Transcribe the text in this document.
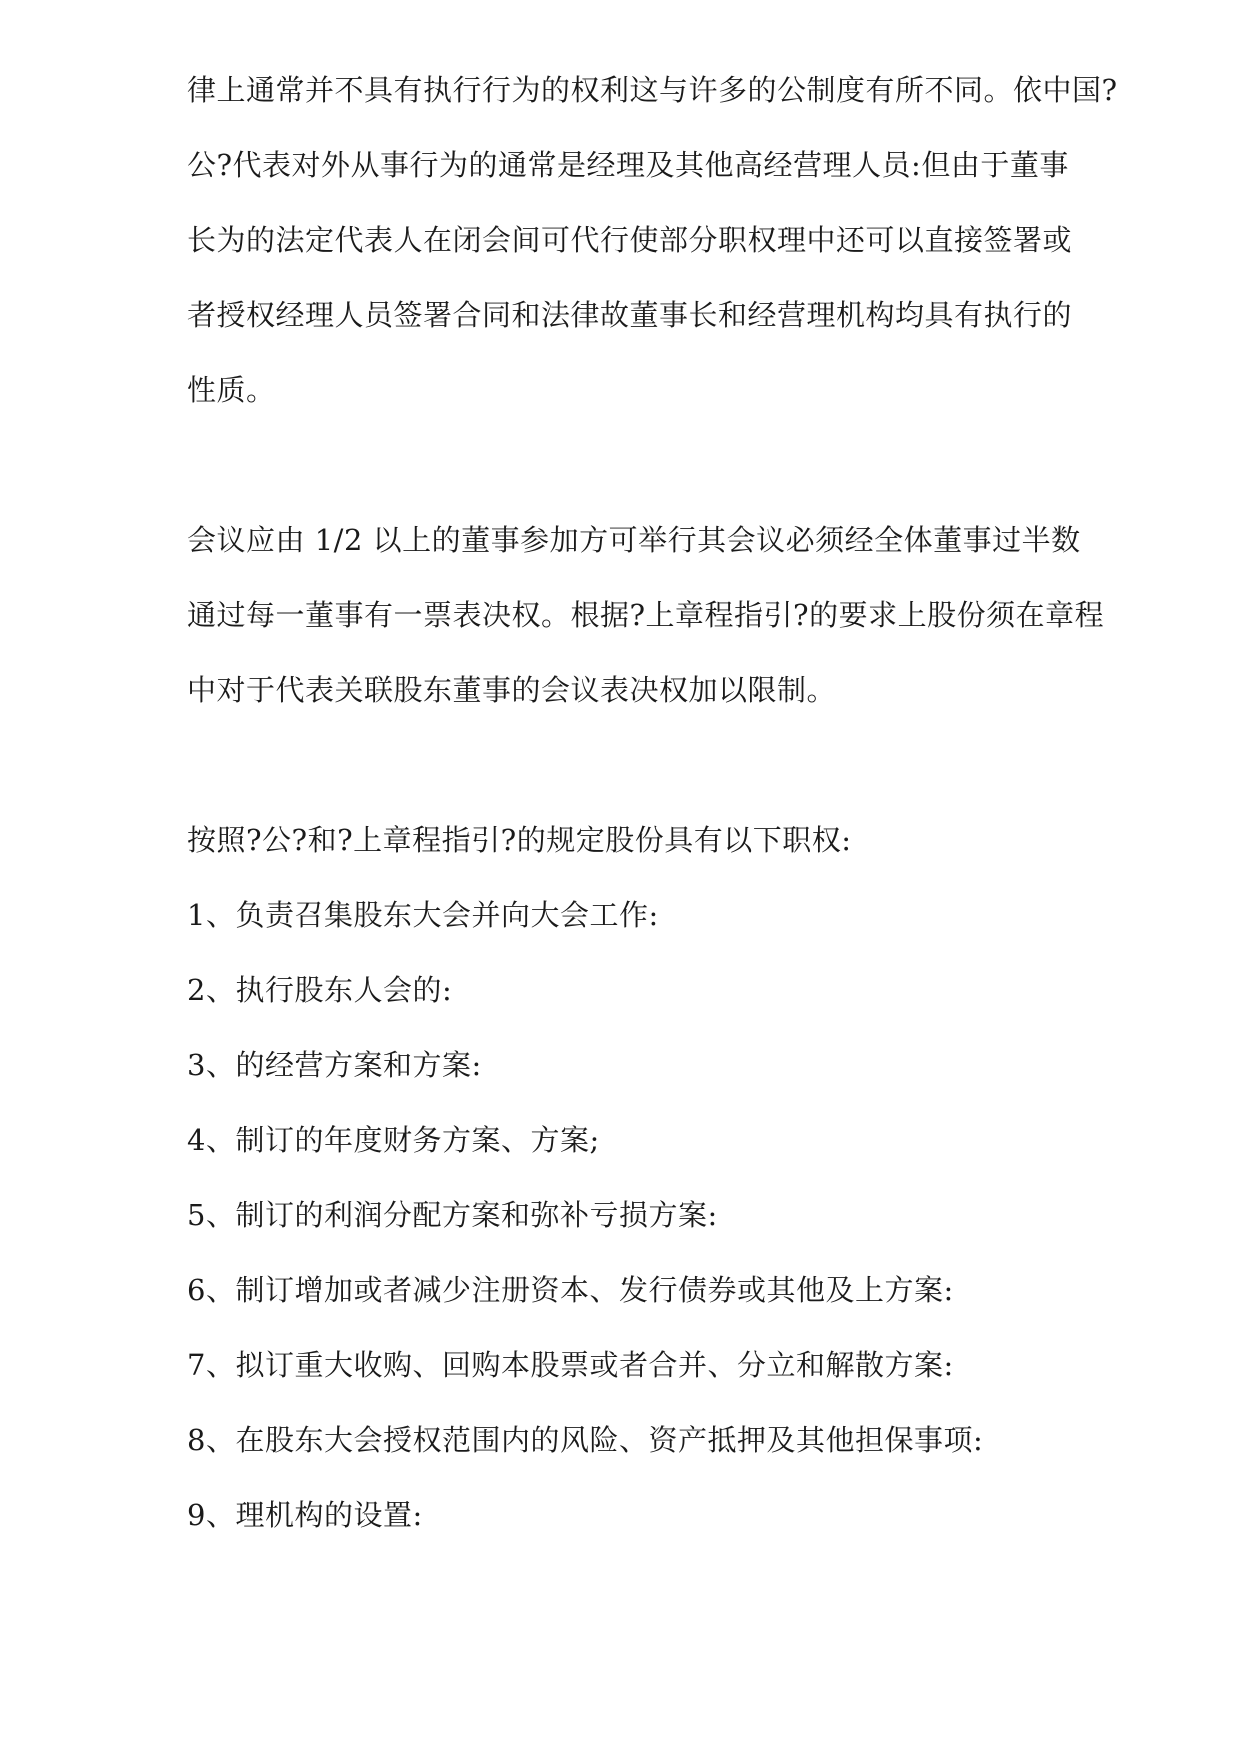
律上通常并不具有执行行为的权利这与许多的公制度有所不同。依中国?
公?代表对外从事行为的通常是经理及其他高经营理人员:但由于董事
长为的法定代表人在闭会间可代行使部分职权理中还可以直接签署或
者授权经理人员签署合同和法律故董事长和经营理机构均具有执行的
性质。
会议应由 1/2 以上的董事参加方可举行其会议必须经全体董事过半数
通过每一董事有一票表决权。根据?上章程指引?的要求上股份须在章程
中对于代表关联股东董事的会议表决权加以限制。
按照?公?和?上章程指引?的规定股份具有以下职权:
1、负责召集股东大会并向大会工作:
2、执行股东人会的:
3、的经营方案和方案:
4、制订的年度财务方案、方案;
5、制订的利润分配方案和弥补亏损方案:
6、制订增加或者减少注册资本、发行债券或其他及上方案:
7、拟订重大收购、回购本股票或者合并、分立和解散方案:
8、在股东大会授权范围内的风险、资产抵押及其他担保事项:
9、理机构的设置:
